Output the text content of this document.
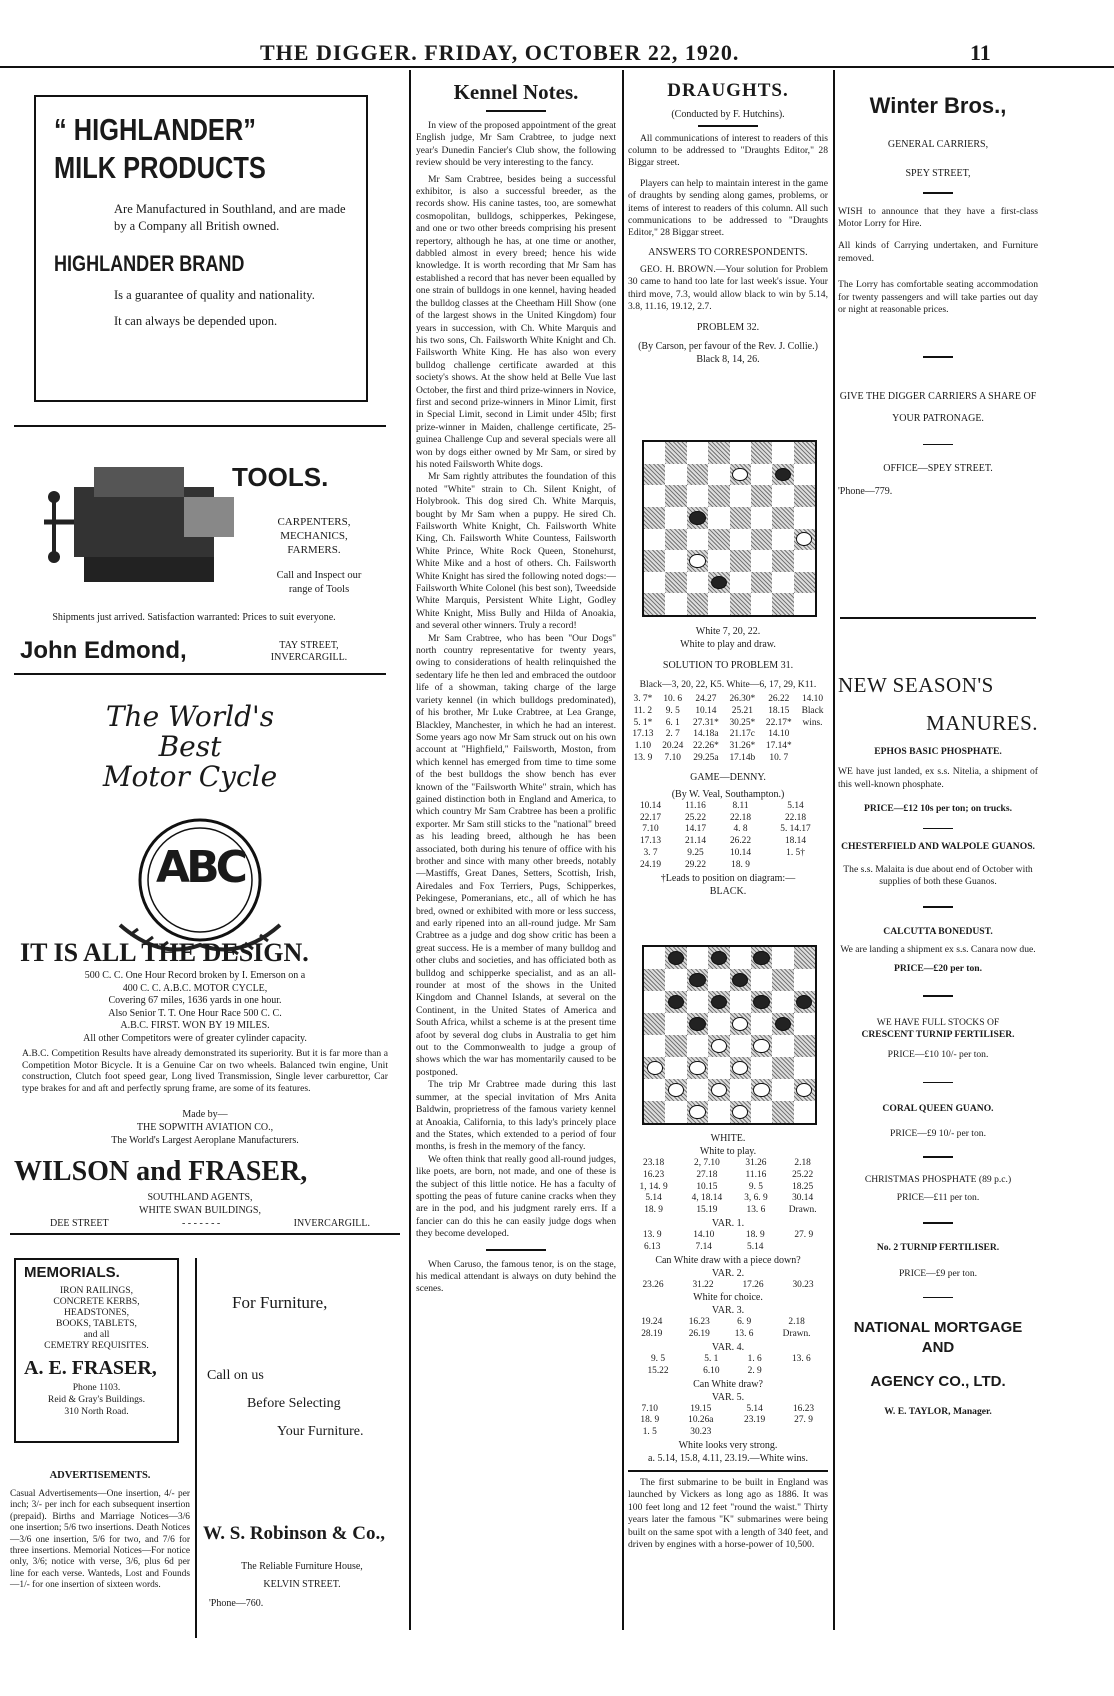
THE DIGGER. FRIDAY, OCTOBER 22, 1920.	11
“ HIGHLANDER”
MILK PRODUCTS
Are Manufactured in Southland, and are made by a Company all British owned.
HIGHLANDER BRAND
Is a guarantee of quality and nationality.
It can always be depended upon.
TOOLS.
CARPENTERS,
MECHANICS,
FARMERS.
Call and Inspect our range of Tools
Shipments just arrived. Satisfaction warranted: Prices to suit everyone.
John Edmond,	TAY STREET,
INVERCARGILL.
The World's
Best
Motor Cycle
ABC
IT IS ALL THE DESIGN.
500 C. C. One Hour Record broken by I. Emerson on a
400 C. C. A.B.C. MOTOR CYCLE,
Covering 67 miles, 1636 yards in one hour.
Also Senior T. T. One Hour Race 500 C. C.
A.B.C. FIRST. WON BY 19 MILES.
All other Competitors were of greater cylinder capacity.
A.B.C. Competition Results have already demonstrated its superiority. But it is far more than a Competition Motor Bicycle. It is a Genuine Car on two wheels. Balanced twin engine, Unit construction, Clutch foot speed gear, Long lived Transmission, Single lever carburettor, Car type brakes for and aft and perfectly sprung frame, are some of its features.
Made by—
THE SOPWITH AVIATION CO.,
The World's Largest Aeroplane Manufacturers.
WILSON and FRASER,
SOUTHLAND AGENTS,
WHITE SWAN BUILDINGS,
DEE STREET	- - - - - - -	INVERCARGILL.
MEMORIALS.
IRON RAILINGS,
CONCRETE KERBS,
HEADSTONES,
BOOKS, TABLETS,
and all
CEMETRY REQUISITES.
A. E. FRASER,
Phone 1103.
Reid & Gray's Buildings.
310 North Road.
ADVERTISEMENTS.
Casual Advertisements—One insertion, 4/- per inch; 3/- per inch for each subsequent insertion (prepaid). Births and Marriage Notices—3/6 one insertion; 5/6 two insertions. Death Notices—3/6 one insertion, 5/6 for two, and 7/6 for three insertions. Memorial Notices—For notice only, 3/6; notice with verse, 3/6, plus 6d per line for each verse. Wanteds, Lost and Founds—1/- for one insertion of sixteen words.
For Furniture,
Call on us
Before Selecting
Your Furniture.
W. S. Robinson & Co.,
The Reliable Furniture House,
KELVIN STREET.
'Phone—760.
Kennel Notes.

In view of the proposed appointment of the great English judge, Mr Sam Crabtree, to judge next year's Dunedin Fancier's Club show, the following review should be very interesting to the fancy.

Mr Sam Crabtree, besides being a successful exhibitor, is also a successful breeder, as the records show. His canine tastes, too, are somewhat cosmopolitan, bulldogs, schipperkes, Pekingese, and one or two other breeds comprising his present repertory, although he has, at one time or another, dabbled almost in every breed; hence his wide knowledge. It is worth recording that Mr Sam has established a record that has never been equalled by one strain of bulldogs in one kennel, having headed the bulldog classes at the Cheetham Hill Show (one of the largest shows in the United Kingdom) four years in succession, with Ch. White Marquis and his two sons, Ch. Failsworth White Knight and Ch. Failsworth White King. He has also won every bulldog challenge certificate awarded at this society's shows. At the show held at Belle Vue last October, the first and third prize-winners in Novice, first and second prize-winners in Minor Limit, first in Special Limit, second in Limit under 45lb; first prize-winner in Maiden, challenge certificate, 25-guinea Challenge Cup and several specials were all won by dogs either owned by Mr Sam, or sired by his noted Failsworth White dogs.

Mr Sam rightly attributes the foundation of this noted "White" strain to Ch. Silent Knight, of Holybrook. This dog sired Ch. White Marquis, bought by Mr Sam when a puppy. He sired Ch. Failsworth White Knight, Ch. Failsworth White King, Ch. Failsworth White Countess, Failsworth White Prince, White Rock Queen, Stonehurst, White Mike and a host of others. Ch. Failsworth White Knight has sired the following noted dogs:—Failsworth White Colonel (his best son), Tweedside White Marquis, Persistent White Light, Godley White Knight, Miss Bully and Hilda of Anoakia, and several other winners. Truly a record!

Mr Sam Crabtree, who has been "Our Dogs" north country representative for twenty years, owing to considerations of health relinquished the sedentary life he then led and embraced the outdoor life of a showman, taking charge of the large variety kennel (in which bulldogs predominated), of his brother, Mr Luke Crabtree, at Lea Grange, Blackley, Manchester, in which he had an interest. Some years ago now Mr Sam struck out on his own account at "Highfield," Failsworth, Moston, from which kennel has emerged from time to time some of the best bulldogs the show bench has ever known of the "Failsworth White" strain, which has gained distinction both in England and America, to which country Mr Sam Crabtree has been a prolific exporter. Mr Sam still sticks to the "national" breed as his leading breed, although he has been associated, both during his tenure of office with his brother and since with many other breeds, notably—Mastiffs, Great Danes, Setters, Scottish, Irish, Airedales and Fox Terriers, Pugs, Schipperkes, Pekingese, Pomeranians, etc., all of which he has bred, owned or exhibited with more or less success, and early ripened into an all-round judge. Mr Sam Crabtree as a judge and dog show critic has been a great success. He is a member of many bulldog and other clubs and societies, and has officiated both as bulldog and schipperke specialist, and as an all-rounder at most of the shows in the United Kingdom and Channel Islands, at several on the Continent, in the United States of America and South Africa, whilst a scheme is at the present time afoot by several dog clubs in Australia to get him out to the Commonwealth to judge a group of shows which the war has momentarily caused to be postponed.

The trip Mr Crabtree made during this last summer, at the special invitation of Mrs Anita Baldwin, proprietress of the famous variety kennel at Anoakia, California, to this lady's princely place and the States, which extended to a period of four months, is fresh in the memory of the fancy.

We often think that really good all-round judges, like poets, are born, not made, and one of these is the subject of this little notice. He has a faculty of spotting the peas of future canine cracks when they are in the pod, and his judgment rarely errs. If a fancier can do this he can easily judge dogs when they become developed.

When Caruso, the famous tenor, is on the stage, his medical attendant is always on duty behind the scenes.

DRAUGHTS.
(Conducted by F. Hutchins).

All communications of interest to readers of this column to be addressed to "Draughts Editor," 28 Biggar street.

Players can help to maintain interest in the game of draughts by sending along games, problems, or items of interest to readers of this column. All such communications to be addressed to "Draughts Editor," 28 Biggar street.

ANSWERS TO CORRESPONDENTS.

GEO. H. BROWN.—Your solution for Problem 30 came to hand too late for last week's issue. Your third move, 7.3, would allow black to win by 5.14, 3.8, 11.16, 19.12, 2.7.

PROBLEM 32.
(By Carson, per favour of the Rev. J. Collie.)
Black 8, 14, 26.
White 7, 20, 22.
White to play and draw.
SOLUTION TO PROBLEM 31.
Black—3, 20, 22, K5. White—6, 17, 29, K11.
3. 7*	10. 6	24.27	26.30*	26.22	14.10
11. 2	9. 5	10.14	25.21	18.15	Black
5. 1*	6. 1	27.31*	30.25*	22.17*	wins.
17.13	2. 7	14.18a	21.17c	14.10	
1.10	20.24	22.26*	31.26*	17.14*	
13. 9	7.10	29.25a	17.14b	10. 7	
GAME—DENNY.
(By W. Veal, Southampton.)
10.14	11.16	8.11	5.14
22.17	25.22	22.18	22.18
7.10	14.17	4. 8	5. 14.17
17.13	21.14	26.22	18.14
3. 7	9.25	10.14	1. 5†
24.19	29.22	18. 9	
†Leads to position on diagram:—
BLACK.
WHITE.
White to play.
23.18	2, 7.10	31.26	2.18
16.23	27.18	11.16	25.22
1, 14. 9	10.15	9. 5	18.25
5.14	4, 18.14	3, 6. 9	30.14
18. 9	15.19	13. 6	Drawn.
VAR. 1.
13. 9	14.10	18. 9	27. 9
6.13	7.14	5.14	
Can White draw with a piece down?
VAR. 2.
23.26	31.22	17.26	30.23
White for choice.
VAR. 3.
19.24	16.23	6. 9	2.18
28.19	26.19	13. 6	Drawn.
VAR. 4.
9. 5	5. 1	1. 6	13. 6
15.22	6.10	2. 9	
Can White draw?
VAR. 5.
7.10	19.15	5.14	16.23
18. 9	10.26a	23.19	27. 9
1. 5	30.23		
White looks very strong.
a. 5.14, 15.8, 4.11, 23.19.—White wins.

The first submarine to be built in England was launched by Vickers as long ago as 1886. It was 100 feet long and 12 feet "round the waist." Thirty years later the famous "K" submarines were being built on the same spot with a length of 340 feet, and driven by engines with a horse-power of 10,500.

Winter Bros.,
GENERAL CARRIERS,
SPEY STREET,

WISH to announce that they have a first-class Motor Lorry for Hire.

All kinds of Carrying undertaken, and Furniture removed.

The Lorry has comfortable seating accommodation for twenty passengers and will take parties out day or night at reasonable prices.

GIVE THE DIGGER CARRIERS A SHARE OF YOUR PATRONAGE.
OFFICE—SPEY STREET.
'Phone—779.
NEW SEASON'S
MANURES.
EPHOS BASIC PHOSPHATE.

WE have just landed, ex s.s. Nitelia, a shipment of this well-known phosphate.

PRICE—£12 10s per ton; on trucks.
CHESTERFIELD AND WALPOLE GUANOS.

The s.s. Malaita is due about end of October with supplies of both these Guanos.

CALCUTTA BONEDUST.

We are landing a shipment ex s.s. Canara now due.

PRICE—£20 per ton.
WE HAVE FULL STOCKS OF
CRESCENT TURNIP FERTILISER.
PRICE—£10 10/- per ton.
CORAL QUEEN GUANO.
PRICE—£9 10/- per ton.
CHRISTMAS PHOSPHATE (89 p.c.)
PRICE—£11 per ton.
No. 2 TURNIP FERTILISER.
PRICE—£9 per ton.
NATIONAL MORTGAGE AND
AGENCY CO., LTD.
W. E. TAYLOR, Manager.
